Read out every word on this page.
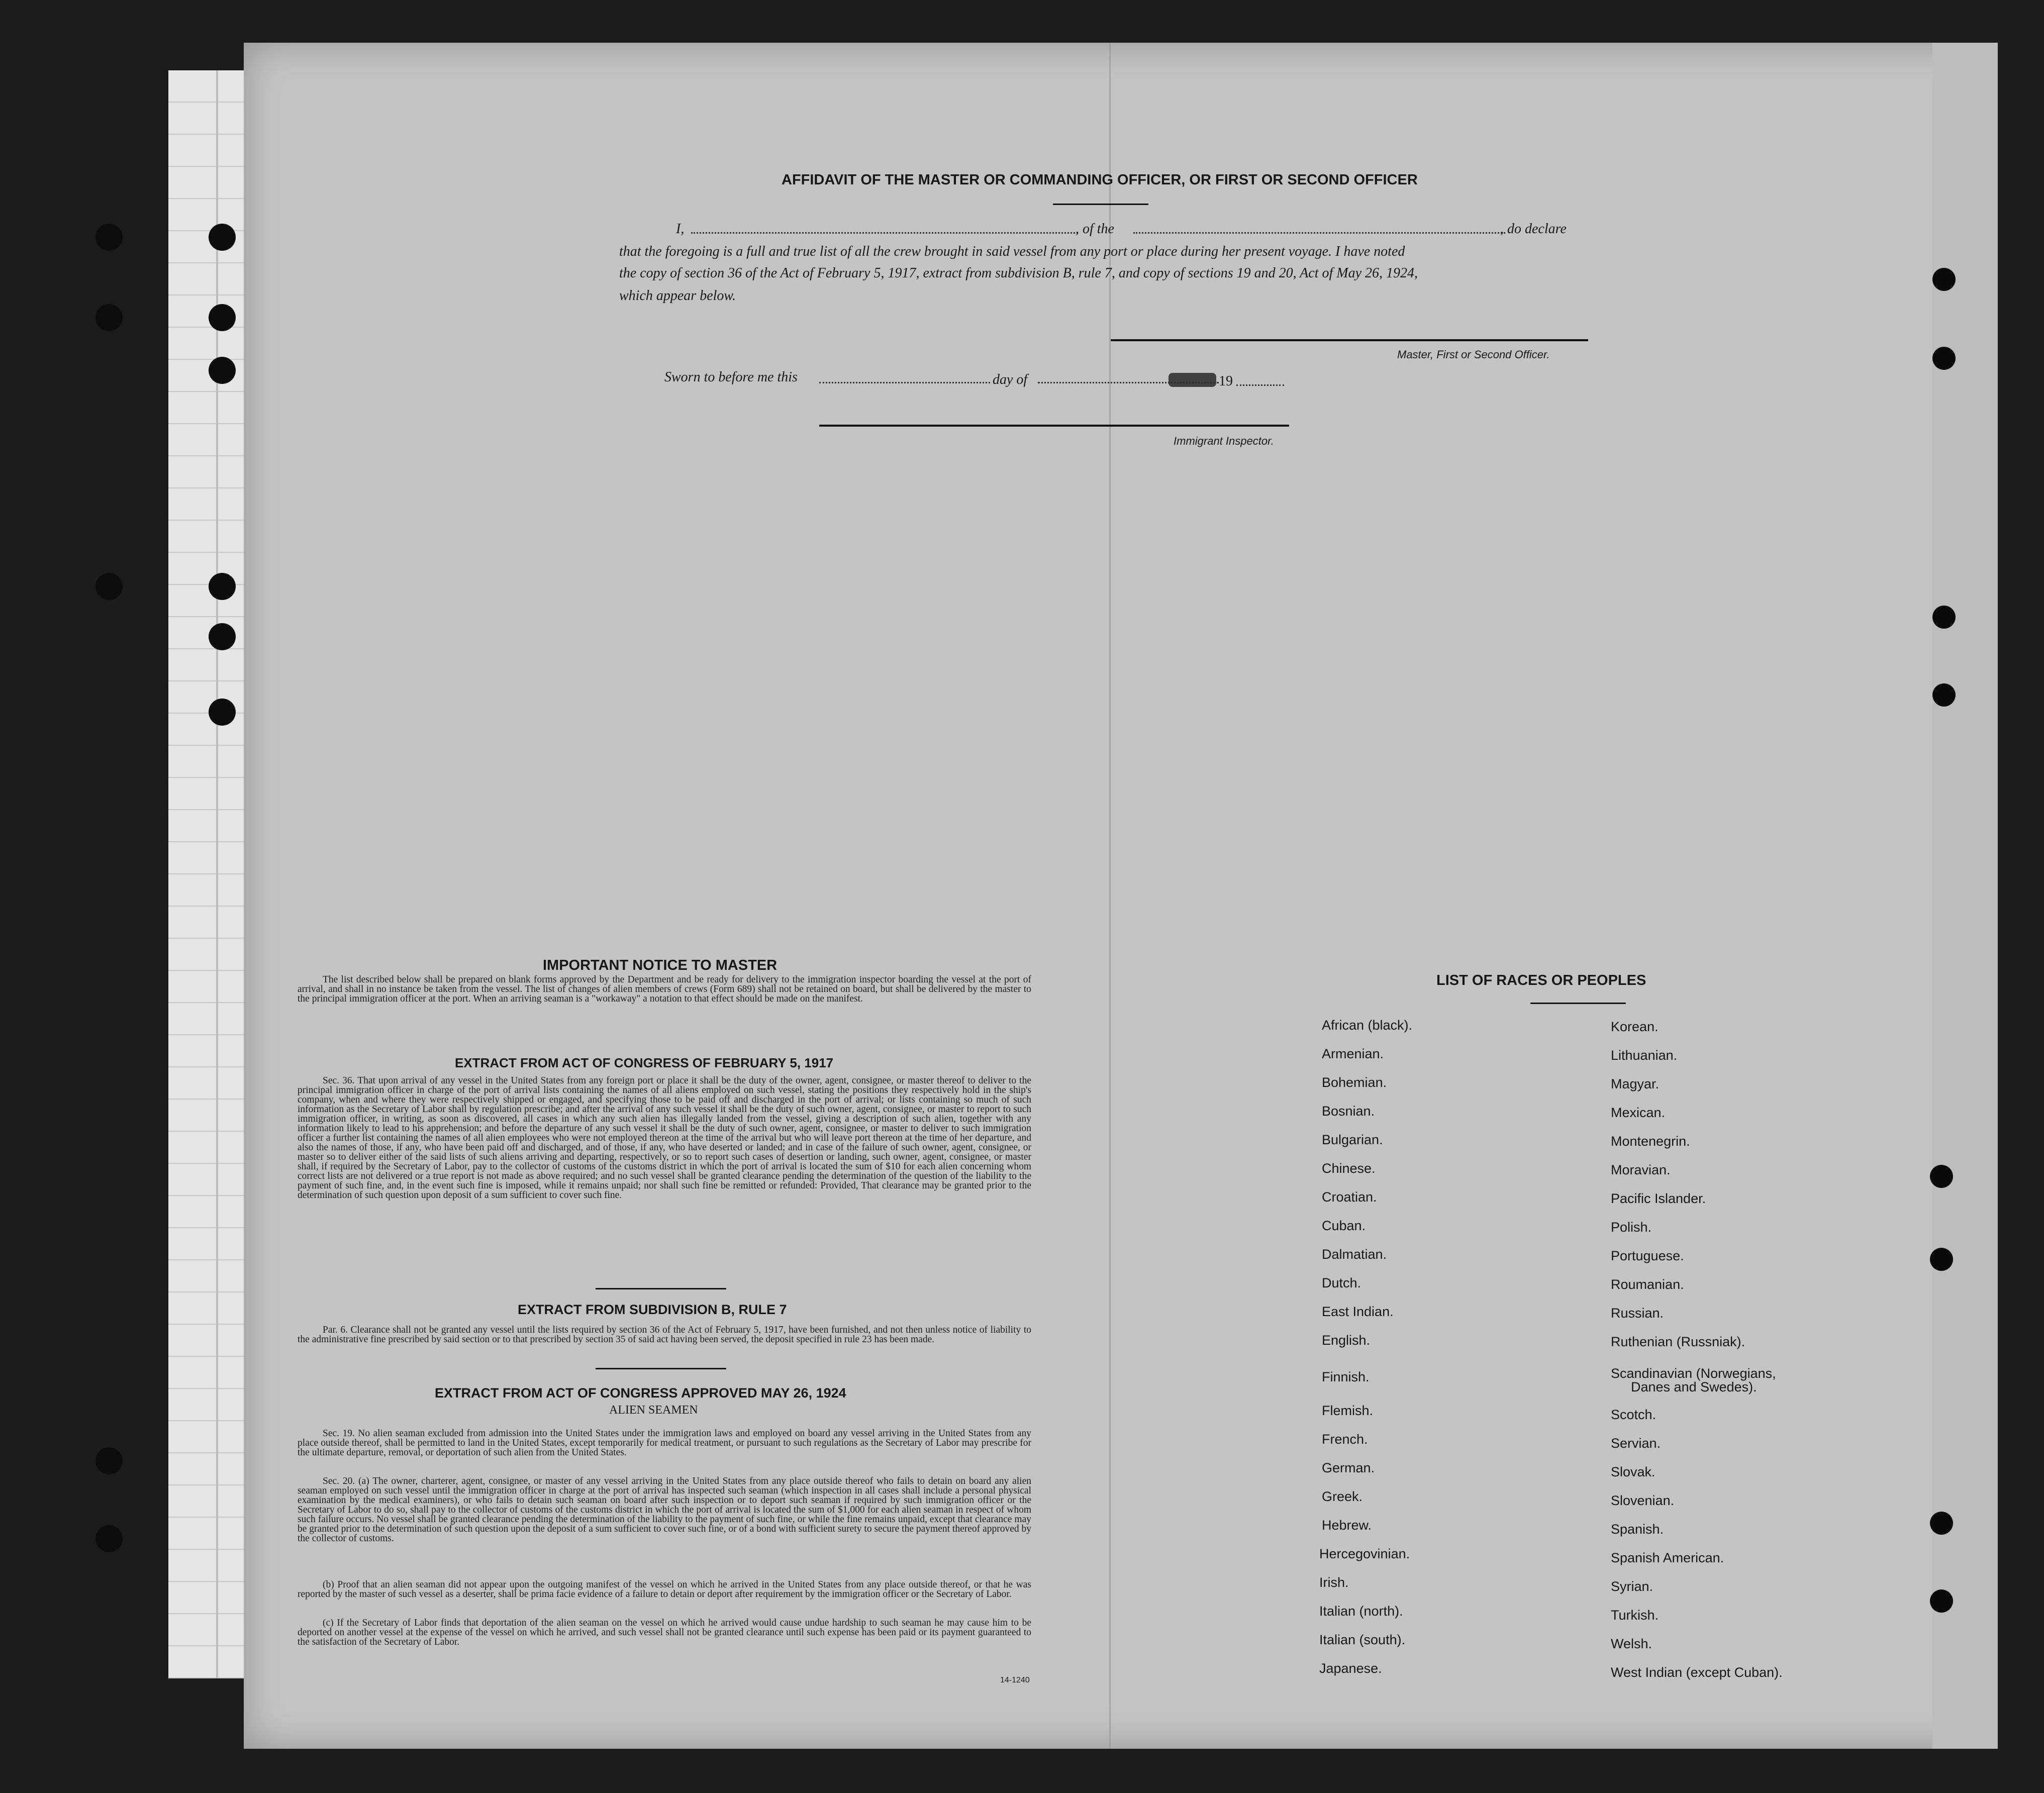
AFFIDAVIT OF THE MASTER OR COMMANDING OFFICER, OR FIRST OR SECOND OFFICER
I,	, of the	, do declare
that the foregoing is a full and true list of all the crew brought in said vessel from any port or place during her present voyage. I have noted
the copy of section 36 of the Act of February 5, 1917, extract from subdivision B, rule 7, and copy of sections 19 and 20, Act of May 26, 1924,
which appear below.
Master, First or Second Officer.
Sworn to before me this	day of	19
Immigrant Inspector.
IMPORTANT NOTICE TO MASTER
The list described below shall be prepared on blank forms approved by the Department and be ready for delivery to the immigration inspector boarding the vessel at the port of arrival, and shall in no instance be taken from the vessel. The list of changes of alien members of crews (Form 689) shall not be retained on board, but shall be delivered by the master to the principal immigration officer at the port. When an arriving seaman is a "workaway" a notation to that effect should be made on the manifest.
EXTRACT FROM ACT OF CONGRESS OF FEBRUARY 5, 1917
Sec. 36. That upon arrival of any vessel in the United States from any foreign port or place it shall be the duty of the owner, agent, consignee, or master thereof to deliver to the principal immigration officer in charge of the port of arrival lists containing the names of all aliens employed on such vessel, stating the positions they respectively hold in the ship's company, when and where they were respectively shipped or engaged, and specifying those to be paid off and discharged in the port of arrival; or lists containing so much of such information as the Secretary of Labor shall by regulation prescribe; and after the arrival of any such vessel it shall be the duty of such owner, agent, consignee, or master to report to such immigration officer, in writing, as soon as discovered, all cases in which any such alien has illegally landed from the vessel, giving a description of such alien, together with any information likely to lead to his apprehension; and before the departure of any such vessel it shall be the duty of such owner, agent, consignee, or master to deliver to such immigration officer a further list containing the names of all alien employees who were not employed thereon at the time of the arrival but who will leave port thereon at the time of her departure, and also the names of those, if any, who have been paid off and discharged, and of those, if any, who have deserted or landed; and in case of the failure of such owner, agent, consignee, or master so to deliver either of the said lists of such aliens arriving and departing, respectively, or so to report such cases of desertion or landing, such owner, agent, consignee, or master shall, if required by the Secretary of Labor, pay to the collector of customs of the customs district in which the port of arrival is located the sum of $10 for each alien concerning whom correct lists are not delivered or a true report is not made as above required; and no such vessel shall be granted clearance pending the determination of the question of the liability to the payment of such fine, and, in the event such fine is imposed, while it remains unpaid; nor shall such fine be remitted or refunded: Provided, That clearance may be granted prior to the determination of such question upon deposit of a sum sufficient to cover such fine.
EXTRACT FROM SUBDIVISION B, RULE 7
Par. 6. Clearance shall not be granted any vessel until the lists required by section 36 of the Act of February 5, 1917, have been furnished, and not then unless notice of liability to the administrative fine prescribed by said section or to that prescribed by section 35 of said act having been served, the deposit specified in rule 23 has been made.
EXTRACT FROM ACT OF CONGRESS APPROVED MAY 26, 1924
ALIEN SEAMEN
Sec. 19. No alien seaman excluded from admission into the United States under the immigration laws and employed on board any vessel arriving in the United States from any place outside thereof, shall be permitted to land in the United States, except temporarily for medical treatment, or pursuant to such regulations as the Secretary of Labor may prescribe for the ultimate departure, removal, or deportation of such alien from the United States.
Sec. 20. (a) The owner, charterer, agent, consignee, or master of any vessel arriving in the United States from any place outside thereof who fails to detain on board any alien seaman employed on such vessel until the immigration officer in charge at the port of arrival has inspected such seaman (which inspection in all cases shall include a personal physical examination by the medical examiners), or who fails to detain such seaman on board after such inspection or to deport such seaman if required by such immigration officer or the Secretary of Labor to do so, shall pay to the collector of customs of the customs district in which the port of arrival is located the sum of $1,000 for each alien seaman in respect of whom such failure occurs. No vessel shall be granted clearance pending the determination of the liability to the payment of such fine, or while the fine remains unpaid, except that clearance may be granted prior to the determination of such question upon the deposit of a sum sufficient to cover such fine, or of a bond with sufficient surety to secure the payment thereof approved by the collector of customs.
(b) Proof that an alien seaman did not appear upon the outgoing manifest of the vessel on which he arrived in the United States from any place outside thereof, or that he was reported by the master of such vessel as a deserter, shall be prima facie evidence of a failure to detain or deport after requirement by the immigration officer or the Secretary of Labor.
(c) If the Secretary of Labor finds that deportation of the alien seaman on the vessel on which he arrived would cause undue hardship to such seaman he may cause him to be deported on another vessel at the expense of the vessel on which he arrived, and such vessel shall not be granted clearance until such expense has been paid or its payment guaranteed to the satisfaction of the Secretary of Labor.
14-1240
LIST OF RACES OR PEOPLES
African (black).
Armenian.
Bohemian.
Bosnian.
Bulgarian.
Chinese.
Croatian.
Cuban.
Dalmatian.
Dutch.
East Indian.
English.
Finnish.
Flemish.
French.
German.
Greek.
Hebrew.
Hercegovinian.
Irish.
Italian (north).
Italian (south).
Japanese.
Korean.
Lithuanian.
Magyar.
Mexican.
Montenegrin.
Moravian.
Pacific Islander.
Polish.
Portuguese.
Roumanian.
Russian.
Ruthenian (Russniak).
Scandinavian (Norwegians,
Danes and Swedes).
Scotch.
Servian.
Slovak.
Slovenian.
Spanish.
Spanish American.
Syrian.
Turkish.
Welsh.
West Indian (except Cuban).
